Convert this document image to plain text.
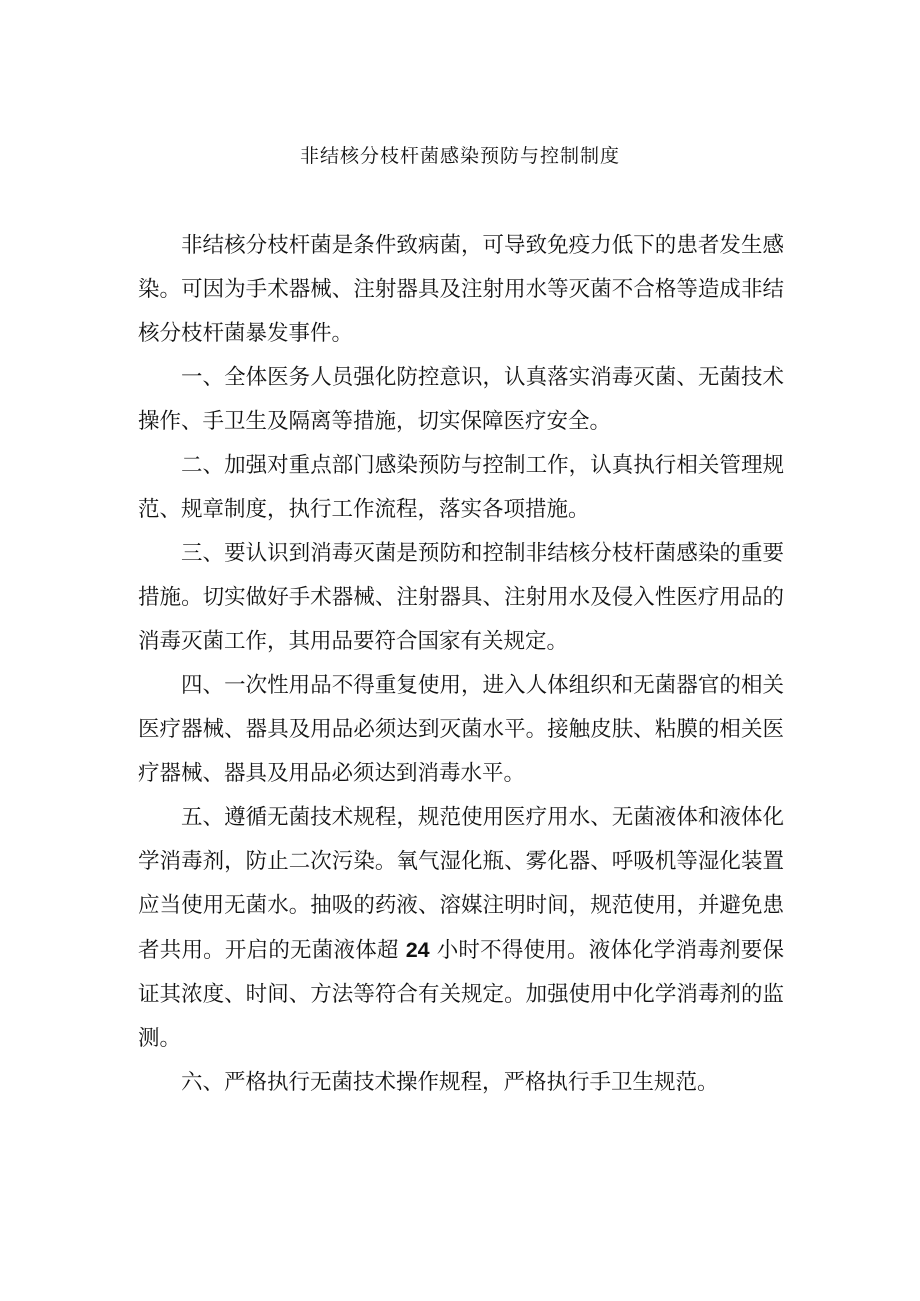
非结核分枝杆菌感染预防与控制制度

非结核分枝杆菌是条件致病菌，可导致免疫力低下的患者发生感染。可因为手术器械、注射器具及注射用水等灭菌不合格等造成非结核分枝杆菌暴发事件。

一、全体医务人员强化防控意识，认真落实消毒灭菌、无菌技术操作、手卫生及隔离等措施，切实保障医疗安全。

二、加强对重点部门感染预防与控制工作，认真执行相关管理规范、规章制度，执行工作流程，落实各项措施。

三、要认识到消毒灭菌是预防和控制非结核分枝杆菌感染的重要措施。切实做好手术器械、注射器具、注射用水及侵入性医疗用品的消毒灭菌工作，其用品要符合国家有关规定。

四、一次性用品不得重复使用，进入人体组织和无菌器官的相关医疗器械、器具及用品必须达到灭菌水平。接触皮肤、粘膜的相关医疗器械、器具及用品必须达到消毒水平。

五、遵循无菌技术规程，规范使用医疗用水、无菌液体和液体化学消毒剂，防止二次污染。氧气湿化瓶、雾化器、呼吸机等湿化装置应当使用无菌水。抽吸的药液、溶媒注明时间，规范使用，并避免患者共用。开启的无菌液体超 24 小时不得使用。液体化学消毒剂要保证其浓度、时间、方法等符合有关规定。加强使用中化学消毒剂的监测。

六、严格执行无菌技术操作规程，严格执行手卫生规范。
